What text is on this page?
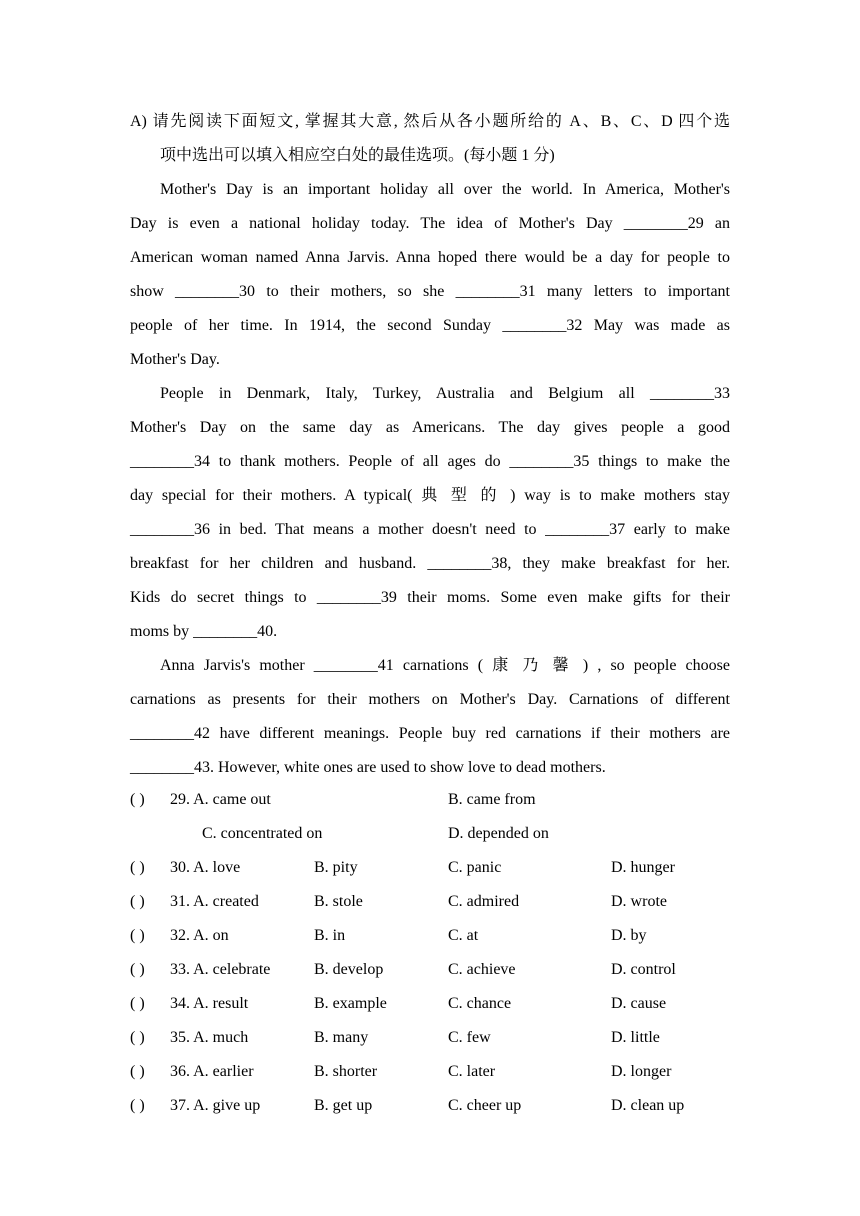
A) 请先阅读下面短文, 掌握其大意, 然后从各小题所给的 A、B、C、D 四个选
项中选出可以填入相应空白处的最佳选项。(每小题 1 分)
Mother's Day is an important holiday all over the world. In America, Mother's
Day is even a national holiday today. The idea of Mother's Day ________29 an
American woman named Anna Jarvis. Anna hoped there would be a day for people to
show ________30 to their mothers, so she ________31 many letters to important
people of her time. In 1914, the second Sunday ________32 May was made as
Mother's Day.
People in Denmark, Italy, Turkey, Australia and Belgium all ________33
Mother's Day on the same day as Americans. The day gives people a good
________34 to thank mothers. People of all ages do ________35 things to make the
day special for their mothers. A typical( 典 型 的 ) way is to make mothers stay
________36 in bed. That means a mother doesn't need to ________37 early to make
breakfast for her children and husband. ________38, they make breakfast for her.
Kids do secret things to ________39 their moms. Some even make gifts for their
moms by ________40.
Anna Jarvis's mother ________41 carnations ( 康 乃 馨 ) , so people choose
carnations as presents for their mothers on Mother's Day. Carnations of different
________42 have different meanings. People buy red carnations if their mothers are
________43. However, white ones are used to show love to dead mothers.
( ) 29. A. came out	B. came from
C. concentrated on	D. depended on
( ) 30. A. love	B. pity	C. panic	D. hunger
( ) 31. A. created	B. stole	C. admired	D. wrote
( ) 32. A. on	B. in	C. at	D. by
( ) 33. A. celebrate	B. develop	C. achieve	D. control
( ) 34. A. result	B. example	C. chance	D. cause
( ) 35. A. much	B. many	C. few	D. little
( ) 36. A. earlier	B. shorter	C. later	D. longer
( ) 37. A. give up	B. get up	C. cheer up	D. clean up
